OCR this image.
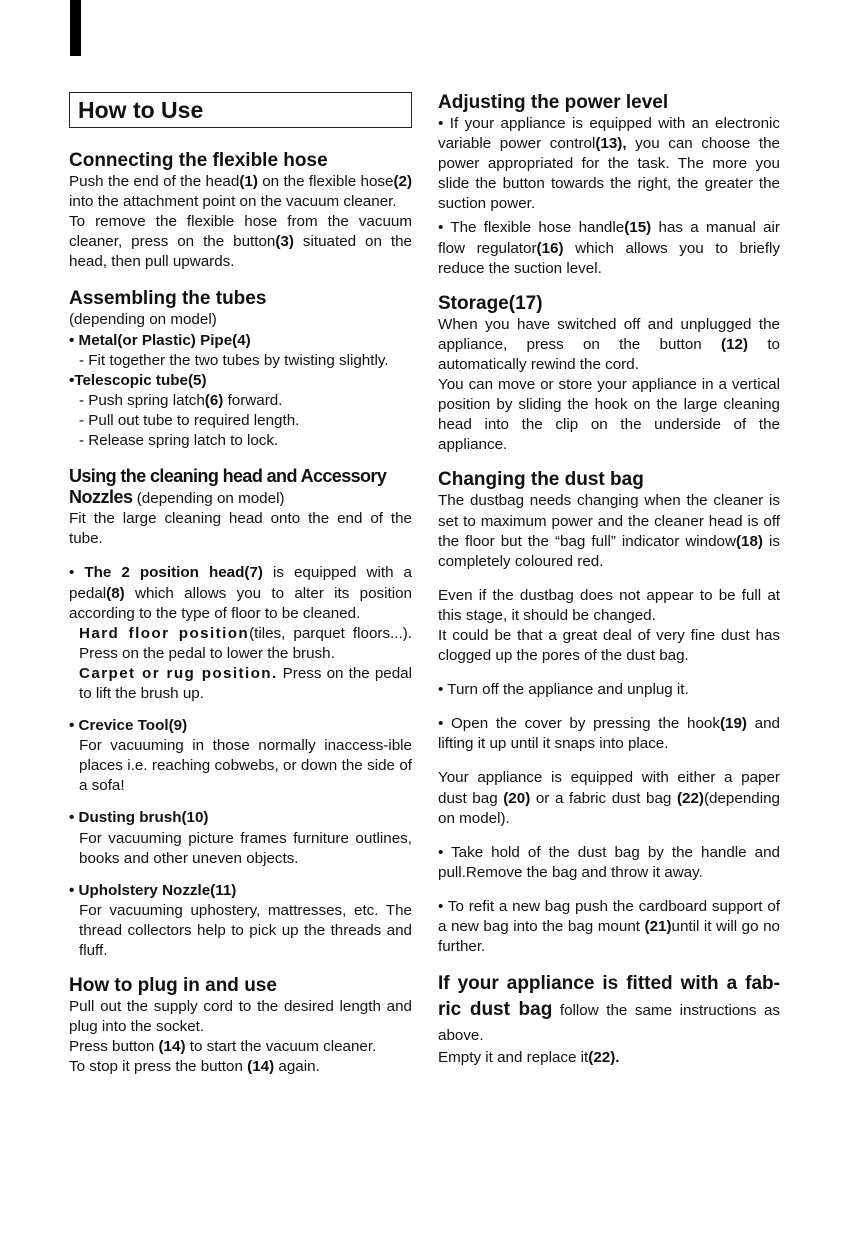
How to Use
Connecting the flexible hose

Push the end of the head(1) on the flexible hose(2) into the attachment point on the vacuum cleaner.

To remove the flexible hose from the vacuum cleaner, press on the button(3) situated on the head, then pull upwards.

Assembling the tubes

(depending on model)

• Metal(or Plastic) Pipe(4)

- Fit together the two tubes by twisting slightly.

•Telescopic tube(5)

- Push spring latch(6) forward.

- Pull out tube to required length.

- Release spring latch to lock.

Using the cleaning head and Accessory

Nozzles (depending on model)

Fit the large cleaning head onto the end of the tube.

• The 2 position head(7) is equipped with a pedal(8) which allows you to alter its position according to the type of floor to be cleaned.

Hard floor position(tiles, parquet floors...). Press on the pedal to lower the brush.

Carpet or rug position. Press on the pedal to lift the brush up.

• Crevice Tool(9)

For vacuuming in those normally inaccess-ible places i.e. reaching cobwebs, or down the side of a sofa!

• Dusting brush(10)

For vacuuming picture frames furniture outlines, books and other uneven objects.

• Upholstery Nozzle(11)

For vacuuming uphostery, mattresses, etc. The thread collectors help to pick up the threads and fluff.

How to plug in and use

Pull out the supply cord to the desired length and plug into the socket.

Press button (14) to start the vacuum cleaner.

To stop it press the button (14) again.

Adjusting the power level

• If your appliance is equipped with an electronic variable power control(13), you can choose the power appropriated for the task. The more you slide the button towards the right, the greater the suction power.

• The flexible hose handle(15) has a manual air flow regulator(16) which allows you to briefly reduce the suction level.

Storage(17)

When you have switched off and unplugged the appliance, press on the button (12) to automatically rewind the cord.

You can move or store your appliance in a vertical position by sliding the hook on the large cleaning head into the clip on the underside of the appliance.

Changing the dust bag

The dustbag needs changing when the cleaner is set to maximum power and the cleaner head is off the floor but the “bag full” indicator window(18) is completely coloured red.

Even if the dustbag does not appear to be full at this stage, it should be changed.

It could be that a great deal of very fine dust has clogged up the pores of the dust bag.

• Turn off the appliance and unplug it.

• Open the cover by pressing the hook(19) and lifting it up until it snaps into place.

Your appliance is equipped with either a paper dust bag (20) or a fabric dust bag (22)(depending on model).

• Take hold of the dust bag by the handle and pull.Remove the bag and throw it away.

• To refit a new bag push the cardboard support of a new bag into the bag mount (21)until it will go no further.

If your appliance is fitted with a fab-ric dust bag follow the same instructions as above.

Empty it and replace it(22).
